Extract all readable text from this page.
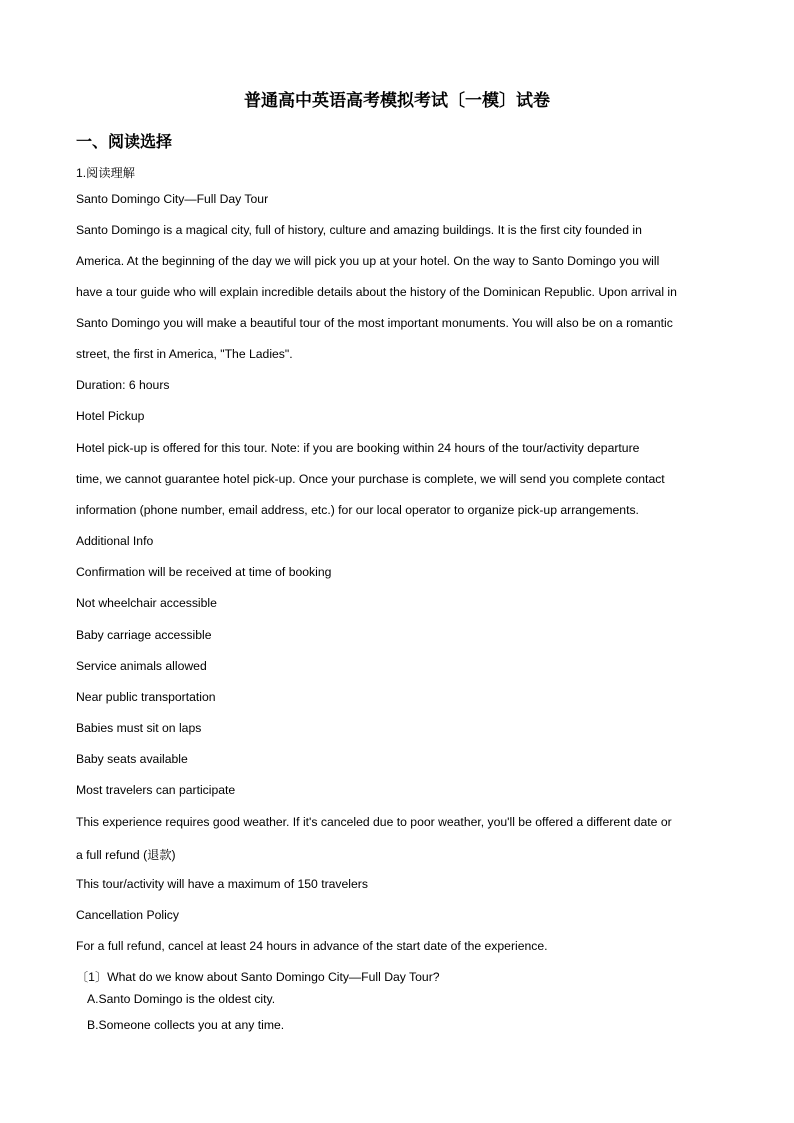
普通高中英语高考模拟考试〔一模〕试卷
一、阅读选择
1.阅读理解
Santo Domingo City—Full Day Tour
Santo Domingo is a magical city, full of history, culture and amazing buildings. It is the first city founded in
America. At the beginning of the day we will pick you up at your hotel. On the way to Santo Domingo you will
have a tour guide who will explain incredible details about the history of the Dominican Republic. Upon arrival in
Santo Domingo you will make a beautiful tour of the most important monuments. You will also be on a romantic
street, the first in America, "The Ladies".
Duration: 6 hours
Hotel Pickup
Hotel pick-up is offered for this tour. Note: if you are booking within 24 hours of the tour/activity departure
time, we cannot guarantee hotel pick-up. Once your purchase is complete, we will send you complete contact
information (phone number, email address, etc.) for our local operator to organize pick-up arrangements.
Additional Info
Confirmation will be received at time of booking
Not wheelchair accessible
Baby carriage accessible
Service animals allowed
Near public transportation
Babies must sit on laps
Baby seats available
Most travelers can participate
This experience requires good weather. If it's canceled due to poor weather, you'll be offered a different date or
a full refund (退款)
This tour/activity will have a maximum of 150 travelers
Cancellation Policy
For a full refund, cancel at least 24 hours in advance of the start date of the experience.
〔1〕What do we know about Santo Domingo City—Full Day Tour?
A.Santo Domingo is the oldest city.
B.Someone collects you at any time.
